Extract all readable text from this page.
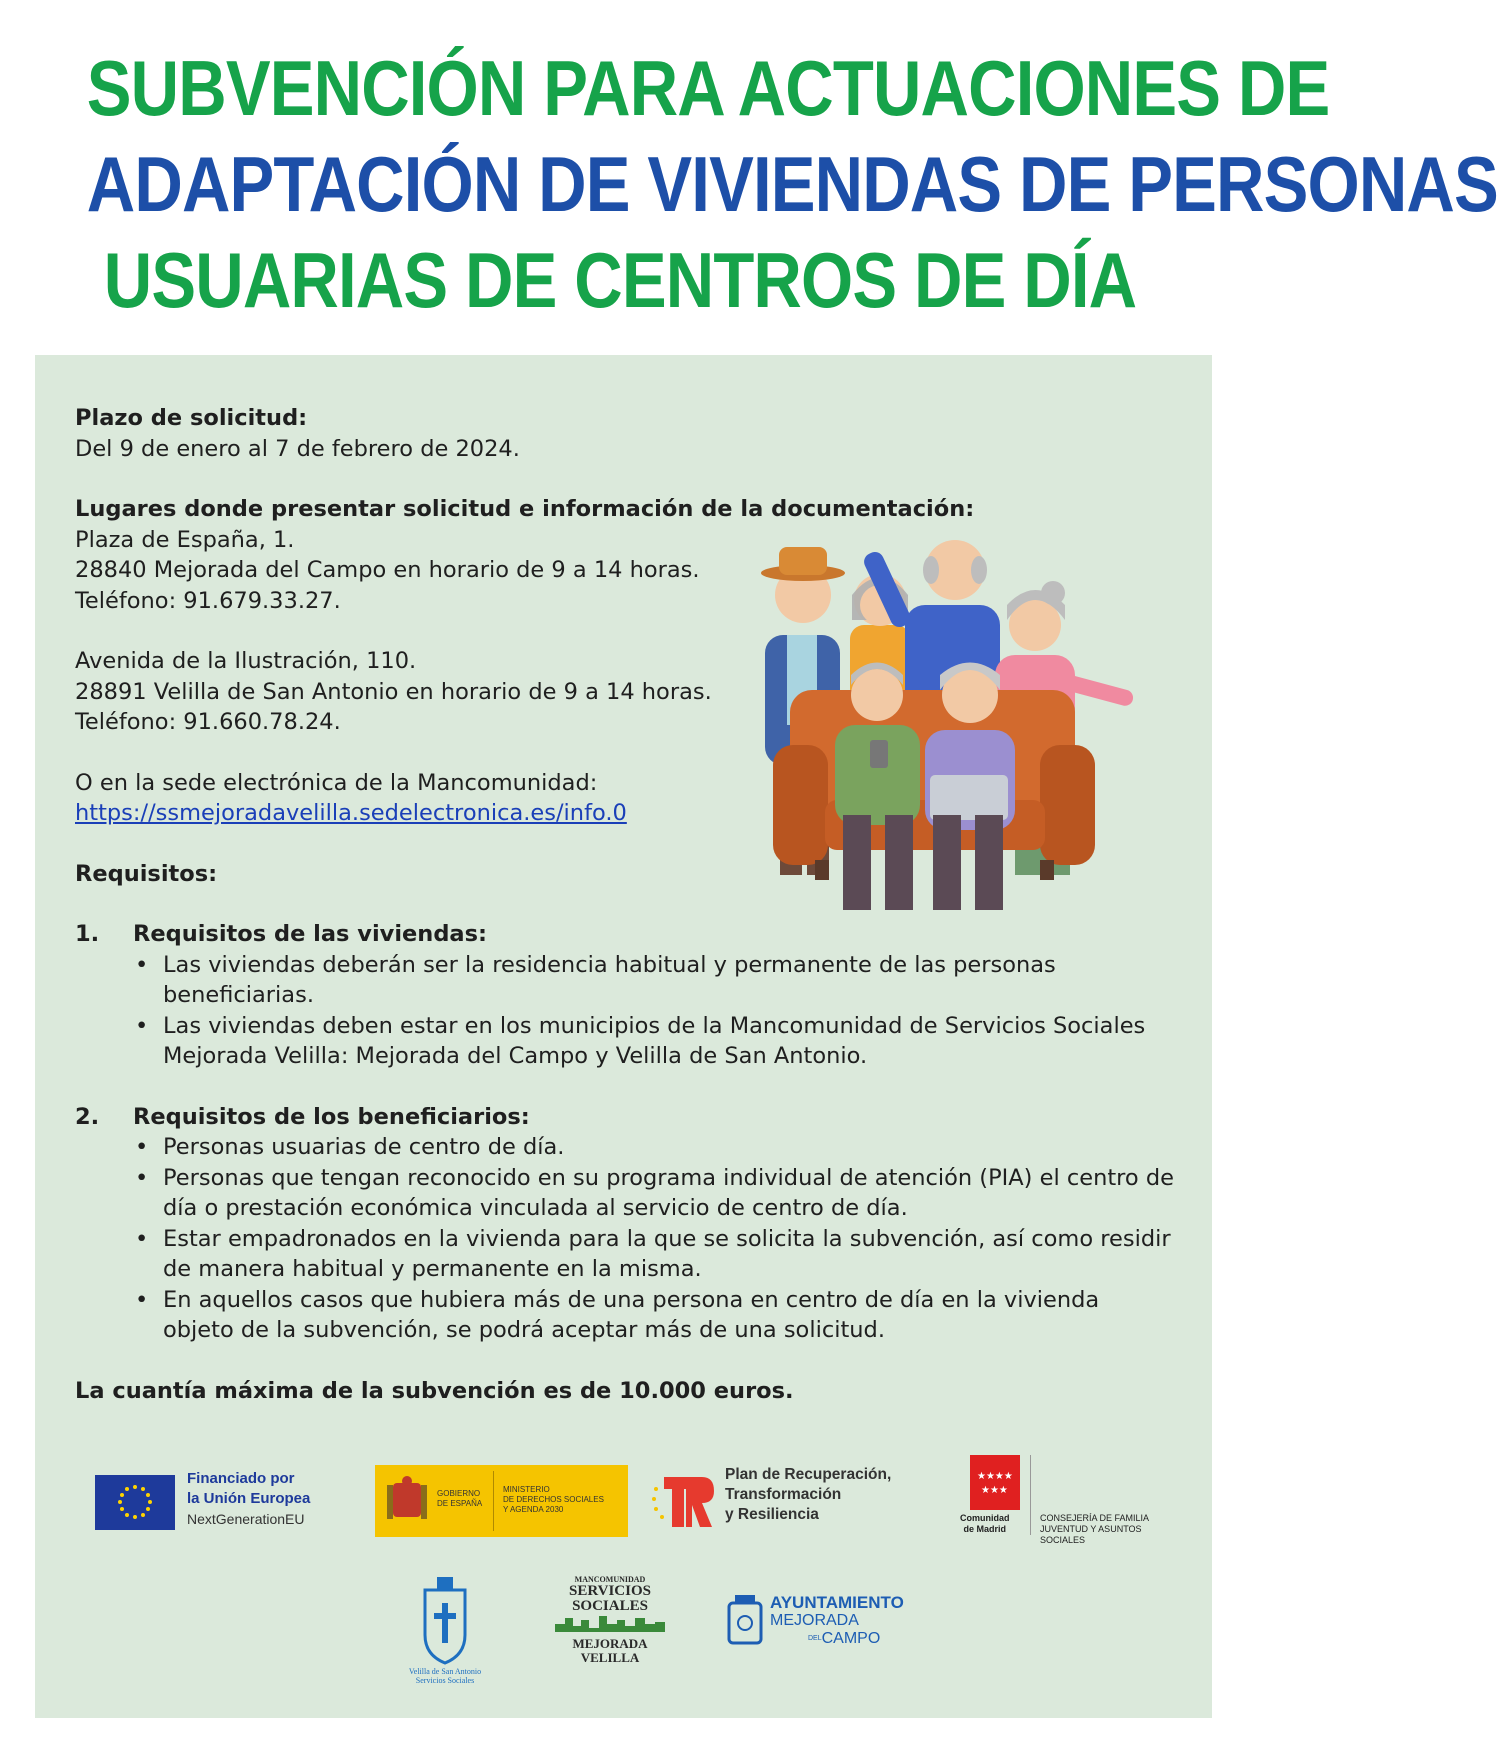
SUBVENCIÓN PARA ACTUACIONES DE
ADAPTACIÓN DE VIVIENDAS DE PERSONAS
USUARIAS DE CENTROS DE DÍA

Plazo de solicitud:

Del 9 de enero al 7 de febrero de 2024.

Lugares donde presentar solicitud e información de la documentación:

Plaza de España, 1.

28840 Mejorada del Campo en horario de 9 a 14 horas.

Teléfono: 91.679.33.27.

Avenida de la Ilustración, 110.

28891 Velilla de San Antonio en horario de 9 a 14 horas.

Teléfono: 91.660.78.24.

O en la sede electrónica de la Mancomunidad:

https://ssmejoradavelilla.sedelectronica.es/info.0

Requisitos:

1.	Requisitos de las viviendas:
• Las viviendas deberán ser la residencia habitual y permanente de las personas beneficiarias.
• Las viviendas deben estar en los municipios de la Mancomunidad de Servicios Sociales Mejorada Velilla: Mejorada del Campo y Velilla de San Antonio.
2.	Requisitos de los beneficiarios:
• Personas usuarias de centro de día.
• Personas que tengan reconocido en su programa individual de atención (PIA) el centro de día o prestación económica vinculada al servicio de centro de día.
• Estar empadronados en la vivienda para la que se solicita la subvención, así como residir de manera habitual y permanente en la misma.
• En aquellos casos que hubiera más de una persona en centro de día en la vivienda objeto de la subvención, se podrá aceptar más de una solicitud.

La cuantía máxima de la subvención es de 10.000 euros.

Financiado por
la Unión Europea
NextGenerationEU
GOBIERNO
DE ESPAÑA
MINISTERIO
DE DERECHOS SOCIALES
Y AGENDA 2030
Plan de Recuperación,
Transformación
y Resiliencia
★★★★
★★★
Comunidad
de Madrid
CONSEJERÍA DE FAMILIA
JUVENTUD Y ASUNTOS SOCIALES
Velilla de San Antonio
Servicios Sociales
MANCOMUNIDAD
SERVICIOS
SOCIALES
MEJORADA
VELILLA
AYUNTAMIENTO
MEJORADA
DELCAMPO
